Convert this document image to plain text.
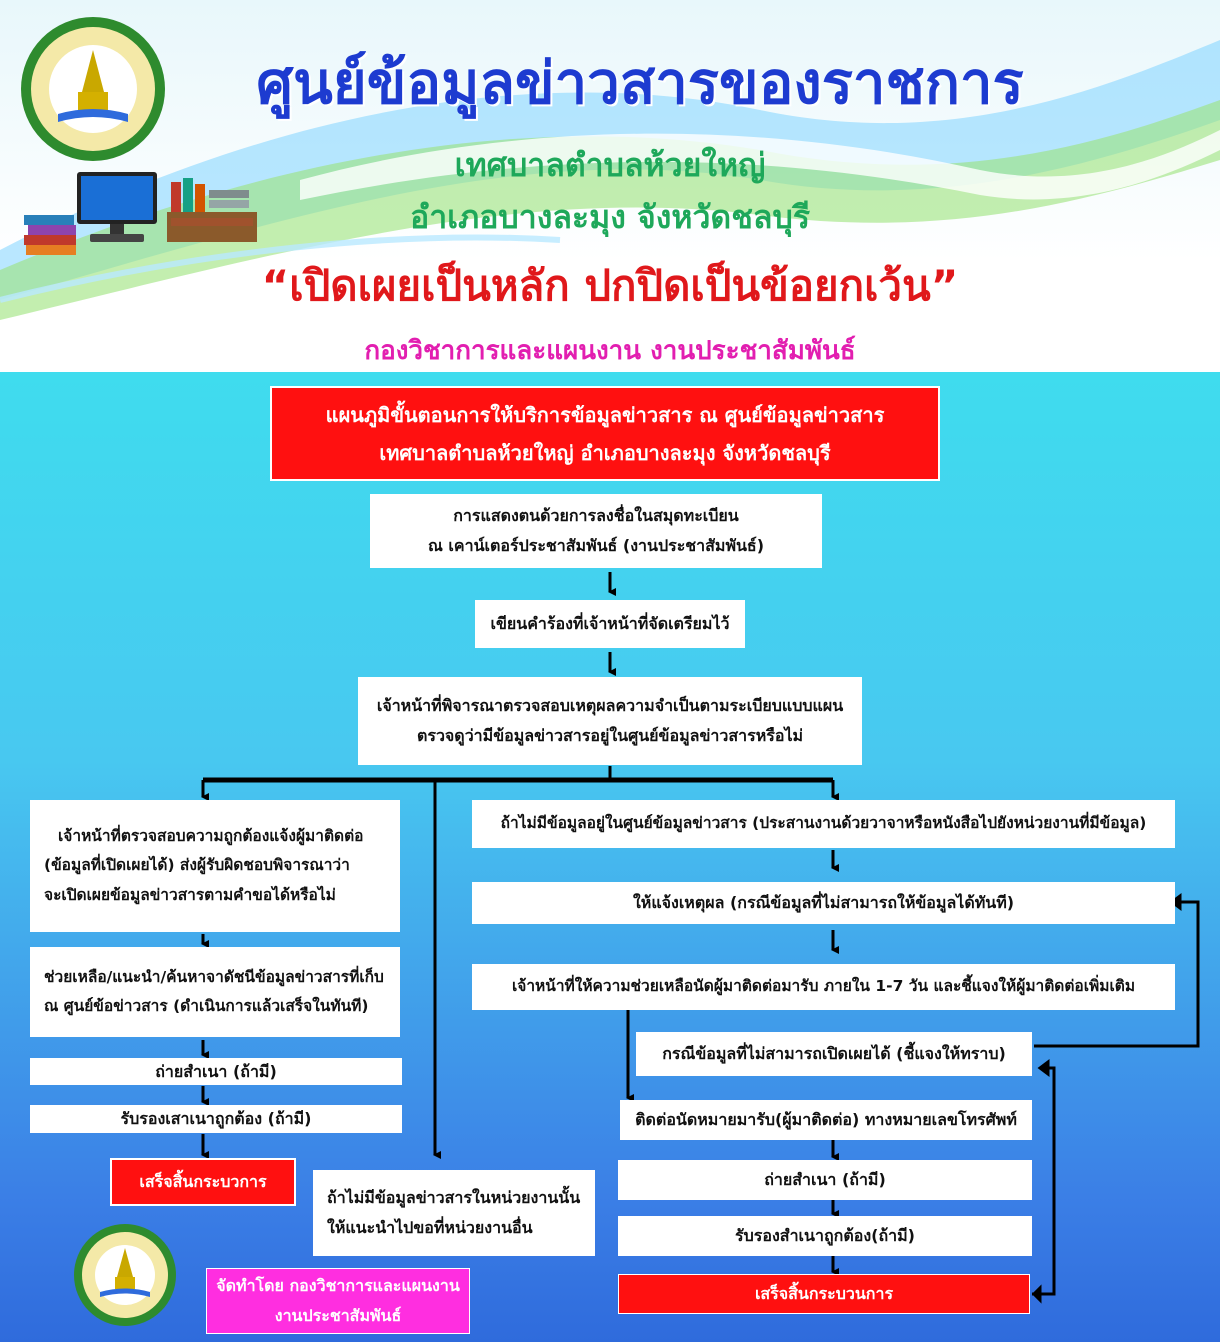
ศูนย์ข้อมูลข่าวสารของราชการ
เทศบาลตำบลห้วยใหญ่
อำเภอบางละมุง จังหวัดชลบุรี
“เปิดเผยเป็นหลัก ปกปิดเป็นข้อยกเว้น”
กองวิชาการและแผนงาน งานประชาสัมพันธ์
แผนภูมิขั้นตอนการให้บริการข้อมูลข่าวสาร ณ ศูนย์ข้อมูลข่าวสาร
เทศบาลตำบลห้วยใหญ่ อำเภอบางละมุง จังหวัดชลบุรี
การแสดงตนด้วยการลงชื่อในสมุดทะเบียน
ณ เคาน์เตอร์ประชาสัมพันธ์ (งานประชาสัมพันธ์)
เขียนคำร้องที่เจ้าหน้าที่จัดเตรียมไว้
เจ้าหน้าที่พิจารณาตรวจสอบเหตุผลความจำเป็นตามระเบียบแบบแผน
ตรวจดูว่ามีข้อมูลข่าวสารอยู่ในศูนย์ข้อมูลข่าวสารหรือไม่
เจ้าหน้าที่ตรวจสอบความถูกต้องแจ้งผู้มาติดต่อ
(ข้อมูลที่เปิดเผยได้) ส่งผู้รับผิดชอบพิจารณาว่า
จะเปิดเผยข้อมูลข่าวสารตามคำขอได้หรือไม่
ช่วยเหลือ/แนะนำ/ค้นหาจาดัชนีข้อมูลข่าวสารที่เก็บ
ณ ศูนย์ข้อข่าวสาร (ดำเนินการแล้วเสร็จในทันที)
ถ่ายสำเนา (ถ้ามี)
รับรองเสาเนาถูกต้อง (ถ้ามี)
เสร็จสิ้นกระบวการ
ถ้าไม่มีข้อมูลข่าวสารในหน่วยงานนั้น
ให้แนะนำไปขอที่หน่วยงานอื่น
ถ้าไม่มีข้อมูลอยู่ในศูนย์ข้อมูลข่าวสาร (ประสานงานด้วยวาจาหรือหนังสือไปยังหน่วยงานที่มีข้อมูล)
ให้แจ้งเหตุผล (กรณีข้อมูลที่ไม่สามารถให้ข้อมูลได้ทันที)
เจ้าหน้าที่ให้ความช่วยเหลือนัดผู้มาติดต่อมารับ ภายใน 1-7 วัน และชี้แจงให้ผู้มาติดต่อเพิ่มเติม
กรณีข้อมูลที่ไม่สามารถเปิดเผยได้ (ชี้แจงให้ทราบ)
ติดต่อนัดหมายมารับ(ผู้มาติดต่อ) ทางหมายเลขโทรศัพท์
ถ่ายสำเนา (ถ้ามี)
รับรองสำเนาถูกต้อง(ถ้ามี)
เสร็จสิ้นกระบวนการ
จัดทำโดย กองวิชาการและแผนงาน
งานประชาสัมพันธ์
